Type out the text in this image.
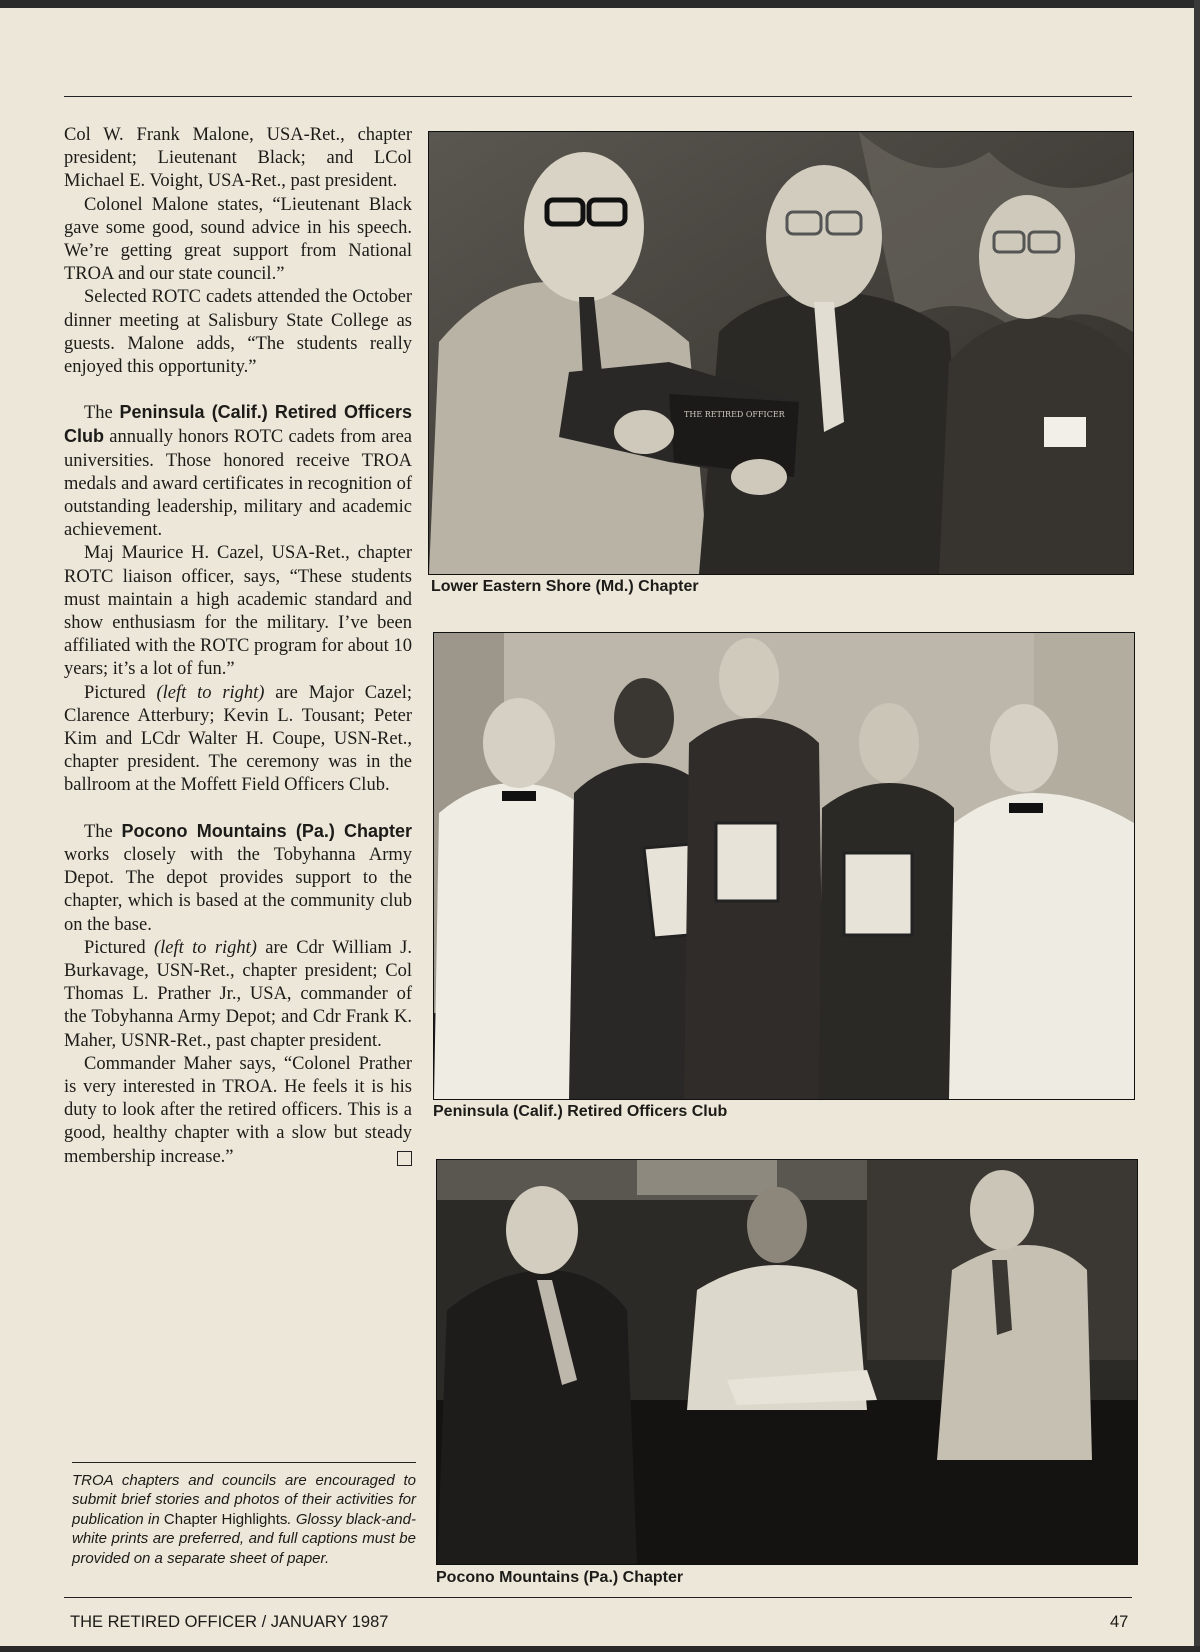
Col W. Frank Malone, USA-Ret., chapter president; Lieutenant Black; and LCol Michael E. Voight, USA-Ret., past president.

Colonel Malone states, “Lieutenant Black gave some good, sound advice in his speech. We’re getting great support from National TROA and our state council.”

Selected ROTC cadets attended the October dinner meeting at Salisbury State College as guests. Malone adds, “The students really enjoyed this opportunity.”

The Peninsula (Calif.) Retired Officers Club annually honors ROTC cadets from area universities. Those honored receive TROA medals and award certificates in recognition of outstanding leadership, military and academic achievement.

Maj Maurice H. Cazel, USA-Ret., chapter ROTC liaison officer, says, “These students must maintain a high academic standard and show enthusiasm for the military. I’ve been affiliated with the ROTC program for about 10 years; it’s a lot of fun.”

Pictured (left to right) are Major Cazel; Clarence Atterbury; Kevin L. Tousant; Peter Kim and LCdr Walter H. Coupe, USN-Ret., chapter president. The ceremony was in the ballroom at the Moffett Field Officers Club.

The Pocono Mountains (Pa.) Chapter works closely with the Tobyhanna Army Depot. The depot provides support to the chapter, which is based at the community club on the base.

Pictured (left to right) are Cdr William J. Burkavage, USN-Ret., chapter president; Col Thomas L. Prather Jr., USA, commander of the Tobyhanna Army Depot; and Cdr Frank K. Maher, USNR-Ret., past chapter president.

Commander Maher says, “Colonel Prather is very interested in TROA. He feels it is his duty to look after the retired officers. This is a good, healthy chapter with a slow but steady membership increase.”

TROA chapters and councils are encouraged to submit brief stories and photos of their activities for publication in Chapter Highlights. Glossy black-and-white prints are preferred, and full captions must be provided on a separate sheet of paper.
THE RETIRED OFFICER
Lower Eastern Shore (Md.) Chapter
Peninsula (Calif.) Retired Officers Club
Pocono Mountains (Pa.) Chapter
THE RETIRED OFFICER / JANUARY 1987	47
